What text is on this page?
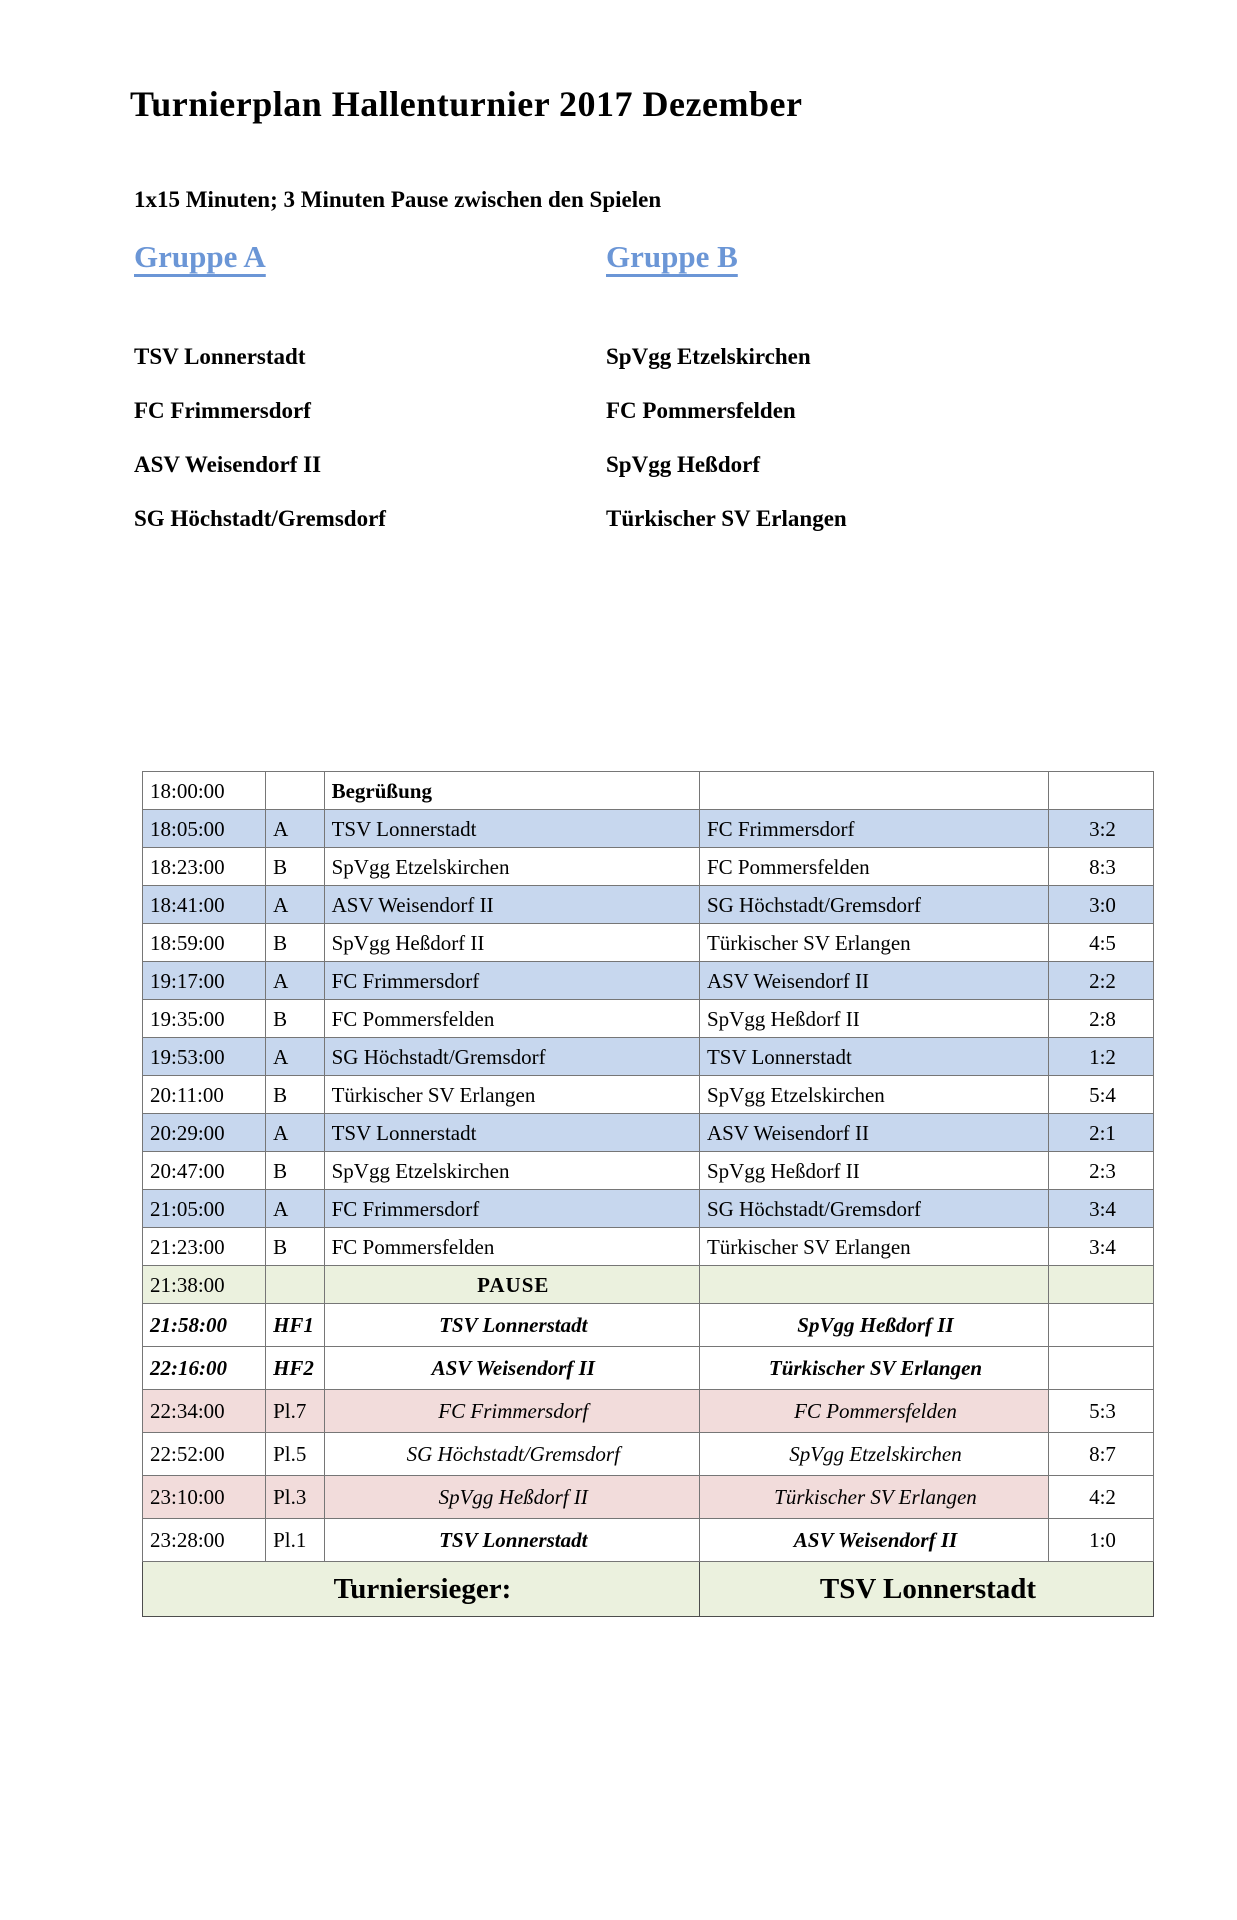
Turnierplan Hallenturnier 2017 Dezember

1x15 Minuten; 3 Minuten Pause zwischen den Spielen

Gruppe A
TSV Lonnerstadt
FC Frimmersdorf
ASV Weisendorf II
SG Höchstadt/Gremsdorf
Gruppe B
SpVgg Etzelskirchen
FC Pommersfelden
SpVgg Heßdorf
Türkischer SV Erlangen
18:00:00		Begrüßung		
18:05:00	A	TSV Lonnerstadt	FC Frimmersdorf	3:2
18:23:00	B	SpVgg Etzelskirchen	FC Pommersfelden	8:3
18:41:00	A	ASV Weisendorf II	SG Höchstadt/Gremsdorf	3:0
18:59:00	B	SpVgg Heßdorf II	Türkischer SV Erlangen	4:5
19:17:00	A	FC Frimmersdorf	ASV Weisendorf II	2:2
19:35:00	B	FC Pommersfelden	SpVgg Heßdorf II	2:8
19:53:00	A	SG Höchstadt/Gremsdorf	TSV Lonnerstadt	1:2
20:11:00	B	Türkischer SV Erlangen	SpVgg Etzelskirchen	5:4
20:29:00	A	TSV Lonnerstadt	ASV Weisendorf II	2:1
20:47:00	B	SpVgg Etzelskirchen	SpVgg Heßdorf II	2:3
21:05:00	A	FC Frimmersdorf	SG Höchstadt/Gremsdorf	3:4
21:23:00	B	FC Pommersfelden	Türkischer SV Erlangen	3:4
21:38:00		PAUSE		
21:58:00	HF1	TSV Lonnerstadt	SpVgg Heßdorf II	
22:16:00	HF2	ASV Weisendorf II	Türkischer SV Erlangen	
22:34:00	Pl.7	FC Frimmersdorf	FC Pommersfelden	5:3
22:52:00	Pl.5	SG Höchstadt/Gremsdorf	SpVgg Etzelskirchen	8:7
23:10:00	Pl.3	SpVgg Heßdorf II	Türkischer SV Erlangen	4:2
23:28:00	Pl.1	TSV Lonnerstadt	ASV Weisendorf II	1:0
Turniersieger:			TSV Lonnerstadt	
